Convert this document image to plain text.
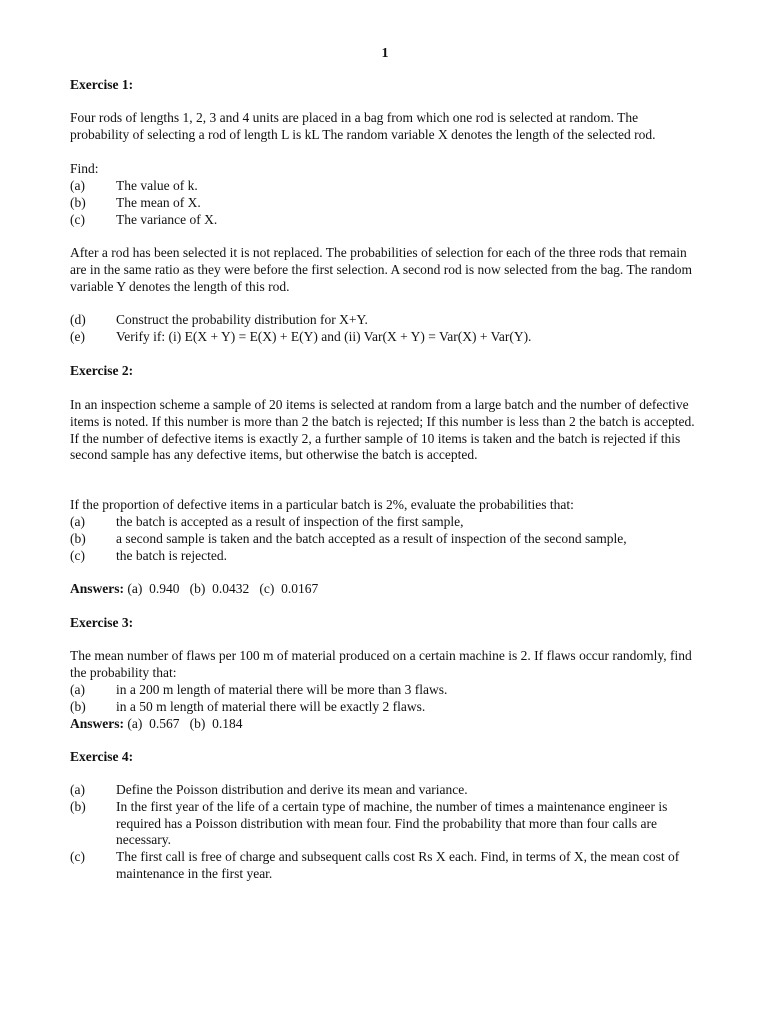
1
Exercise 1:
Four rods of lengths 1, 2, 3 and 4 units are placed in a bag from which one rod is selected at random. The probability of selecting a rod of length L is kL The random variable X denotes the length of the selected rod.
Find:
(a)	The value of k.
(b)	The mean of X.
(c)	The variance of X.
After a rod has been selected it is not replaced. The probabilities of selection for each of the three rods that remain are in the same ratio as they were before the first selection. A second rod is now selected from the bag. The random variable Y denotes the length of this rod.
(d)	Construct the probability distribution for X+Y.
(e)	Verify if: (i) E(X + Y) = E(X) + E(Y) and (ii) Var(X + Y) = Var(X) + Var(Y).
Exercise 2:
In an inspection scheme a sample of 20 items is selected at random from a large batch and the number of defective items is noted. If this number is more than 2 the batch is rejected; If this number is less than 2 the batch is accepted. If the number of defective items is exactly 2, a further sample of 10 items is taken and the batch is rejected if this second sample has any defective items, but otherwise the batch is accepted.
If the proportion of defective items in a particular batch is 2%, evaluate the probabilities that:
(a)	the batch is accepted as a result of inspection of the first sample,
(b)	a second sample is taken and the batch accepted as a result of inspection of the second sample,
(c)	the batch is rejected.
Answers: (a)  0.940   (b)  0.0432   (c)  0.0167
Exercise 3:
The mean number of flaws per 100 m of material produced on a certain machine is 2. If flaws occur randomly, find the probability that:
(a)	in a 200 m length of material there will be more than 3 flaws.
(b)	in a 50 m length of material there will be exactly 2 flaws.
Answers: (a)  0.567   (b)  0.184
Exercise 4:
(a)	Define the Poisson distribution and derive its mean and variance.
(b)	In the first year of the life of a certain type of machine, the number of times a maintenance engineer is required has a Poisson distribution with mean four. Find the probability that more than four calls are necessary.
(c)	The first call is free of charge and subsequent calls cost Rs X each. Find, in terms of X, the mean cost of maintenance in the first year.
